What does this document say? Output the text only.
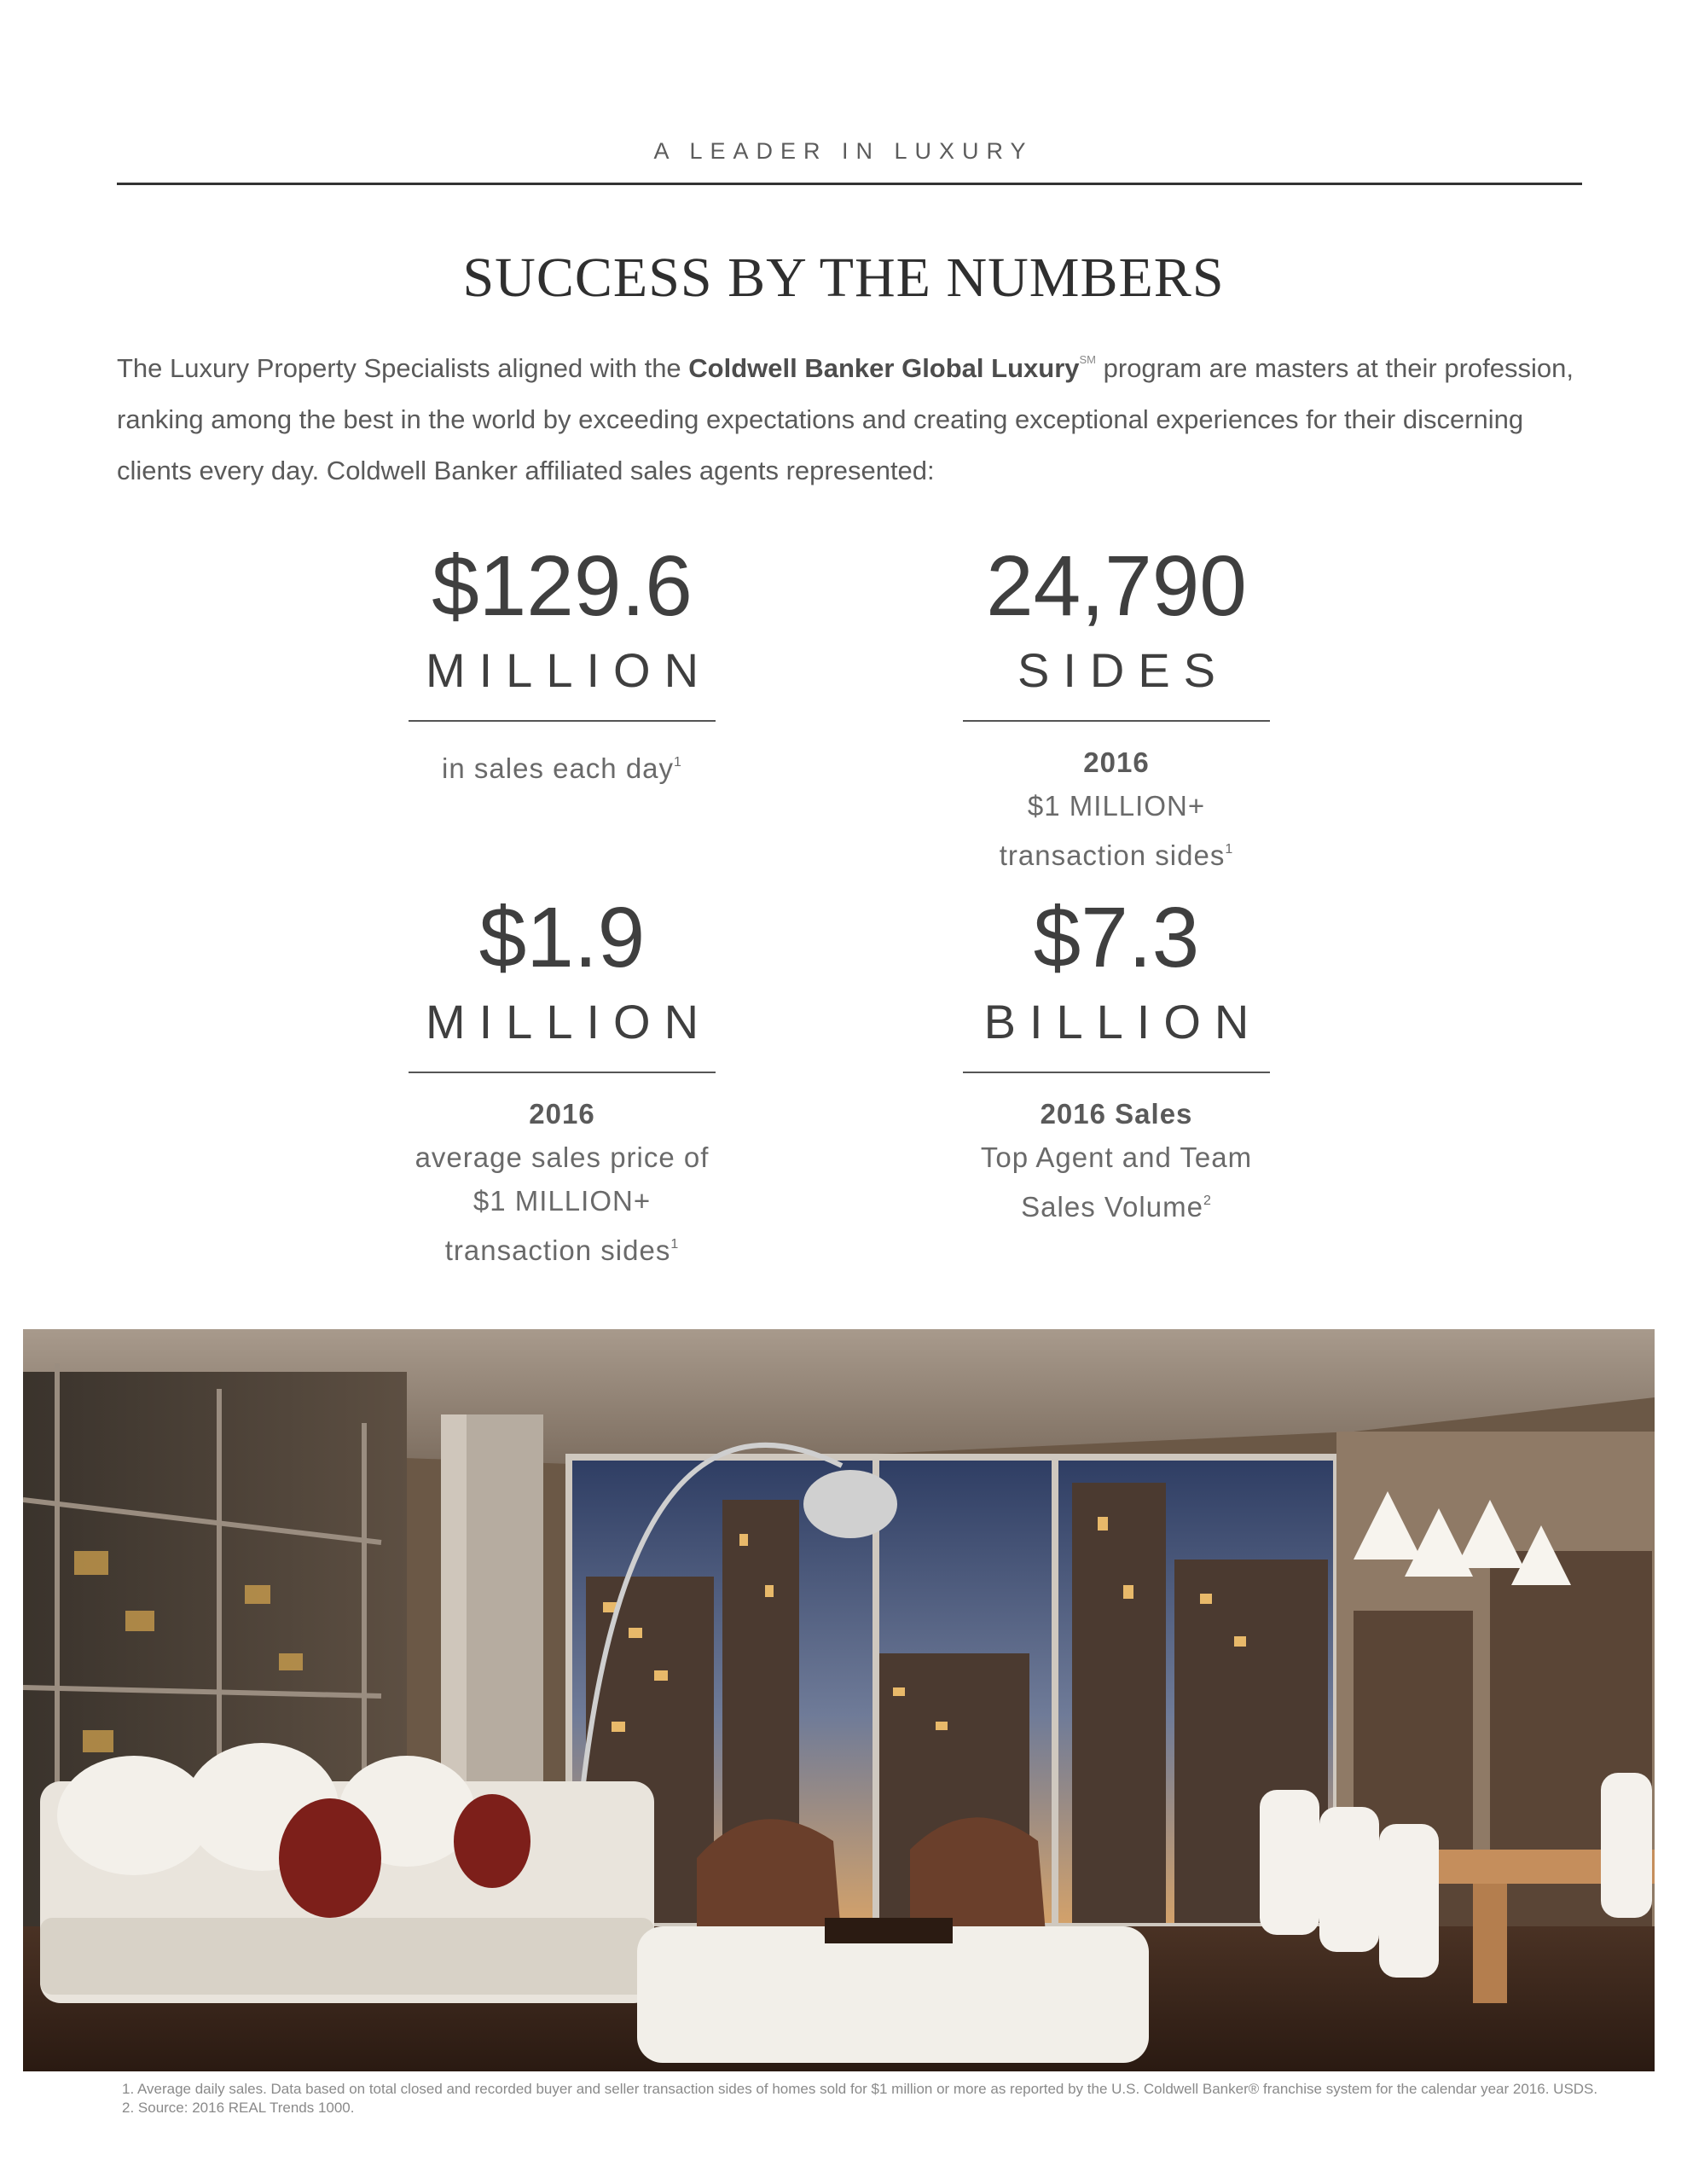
A LEADER IN LUXURY
SUCCESS BY THE NUMBERS
The Luxury Property Specialists aligned with the Coldwell Banker Global Luxury℠ program are masters at their profession, ranking among the best in the world by exceeding expectations and creating exceptional experiences for their discerning clients every day. Coldwell Banker affiliated sales agents represented:
$129.6
MILLION
in sales each day$^1$
24,790
SIDES
2016
$1 MILLION+
transaction sides$^1$
$1.9
MILLION
2016
average sales price of
$1 MILLION+
transaction sides$^1$
$7.3
BILLION
2016 Sales
Top Agent and Team
Sales Volume$^2$
1. Average daily sales. Data based on total closed and recorded buyer and seller transaction sides of homes sold for $1 million or more as reported by the U.S. Coldwell Banker® franchise system for the calendar year 2016. USDS.
2. Source: 2016 REAL Trends 1000.
